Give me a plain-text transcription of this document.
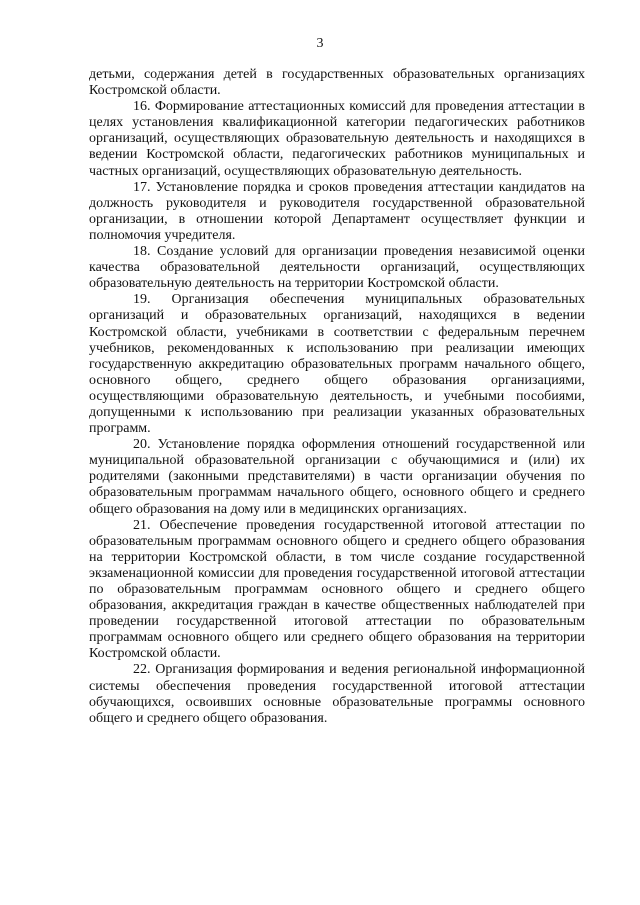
3

детьми, содержания детей в государственных образовательных организациях Костромской области.

16. Формирование аттестационных комиссий для проведения аттестации в целях установления квалификационной категории педагогических работников организаций, осуществляющих образовательную деятельность и находящихся в ведении Костромской области, педагогических работников муниципальных и частных организаций, осуществляющих образовательную деятельность.

17. Установление порядка и сроков проведения аттестации кандидатов на должность руководителя и руководителя государственной образовательной организации, в отношении которой Департамент осуществляет функции и полномочия учредителя.

18. Создание условий для организации проведения независимой оценки качества образовательной деятельности организаций, осуществляющих образовательную деятельность на территории Костромской области.

19. Организация обеспечения муниципальных образовательных организаций и образовательных организаций, находящихся в ведении Костромской области, учебниками в соответствии с федеральным перечнем учебников, рекомендованных к использованию при реализации имеющих государственную аккредитацию образовательных программ начального общего, основного общего, среднего общего образования организациями, осуществляющими образовательную деятельность, и учебными пособиями, допущенными к использованию при реализации указанных образовательных программ.

20. Установление порядка оформления отношений государственной или муниципальной образовательной организации с обучающимися и (или) их родителями (законными представителями) в части организации обучения по образовательным программам начального общего, основного общего и среднего общего образования на дому или в медицинских организациях.

21. Обеспечение проведения государственной итоговой аттестации по образовательным программам основного общего и среднего общего образования на территории Костромской области, в том числе создание государственной экзаменационной комиссии для проведения государственной итоговой аттестации по образовательным программам основного общего и среднего общего образования, аккредитация граждан в качестве общественных наблюдателей при проведении государственной итоговой аттестации по образовательным программам основного общего или среднего общего образования на территории Костромской области.

22. Организация формирования и ведения региональной информационной системы обеспечения проведения государственной итоговой аттестации обучающихся, освоивших основные образовательные программы основного общего и среднего общего образования.
